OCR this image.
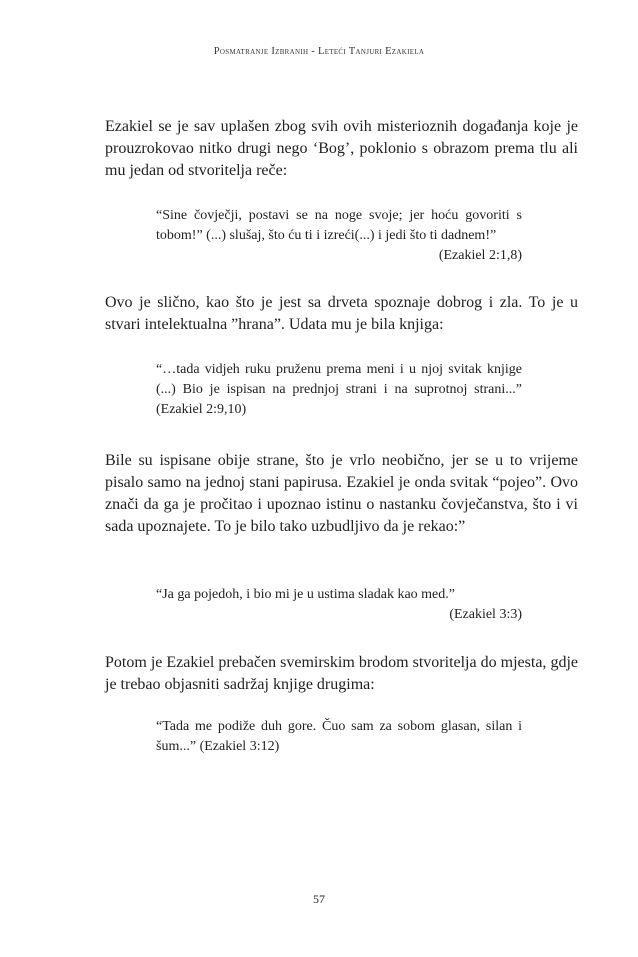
Posmatranje Izbranih - Leteći Tanjuri Ezakiela

Ezakiel se je sav uplašen zbog svih ovih misterioznih događanja koje je prouzrokovao nitko drugi nego ‘Bog’, poklonio s obrazom prema tlu ali mu jedan od stvoritelja reče:

“Sine čovječji, postavi se na noge svoje; jer hoću govoriti s tobom!” (...) slušaj, što ću ti i izreći(...) i jedi što ti dadnem!”
(Ezakiel 2:1,8)

Ovo je slično, kao što je jest sa drveta spoznaje dobrog i zla. To je u stvari intelektualna ”hrana”. Udata mu je bila knjiga:

“…tada vidjeh ruku pruženu prema meni i u njoj svitak knjige (...) Bio je ispisan na prednjoj strani i na suprotnoj strani...” (Ezakiel 2:9,10)

Bile su ispisane obije strane, što je vrlo neobično, jer se u to vrijeme pisalo samo na jednoj stani papirusa. Ezakiel je onda svitak “pojeo”. Ovo znači da ga je pročitao i upoznao istinu o nastanku čovječanstva, što i vi sada upoznajete. To je bilo tako uzbudljivo da je rekao:”

“Ja ga pojedoh, i bio mi je u ustima sladak kao med.”
(Ezakiel 3:3)

Potom je Ezakiel prebačen svemirskim brodom stvoritelja do mjesta, gdje je trebao objasniti sadržaj knjige drugima:

“Tada me podiže duh gore. Čuo sam za sobom glasan, silan i šum...” (Ezakiel 3:12)
57
